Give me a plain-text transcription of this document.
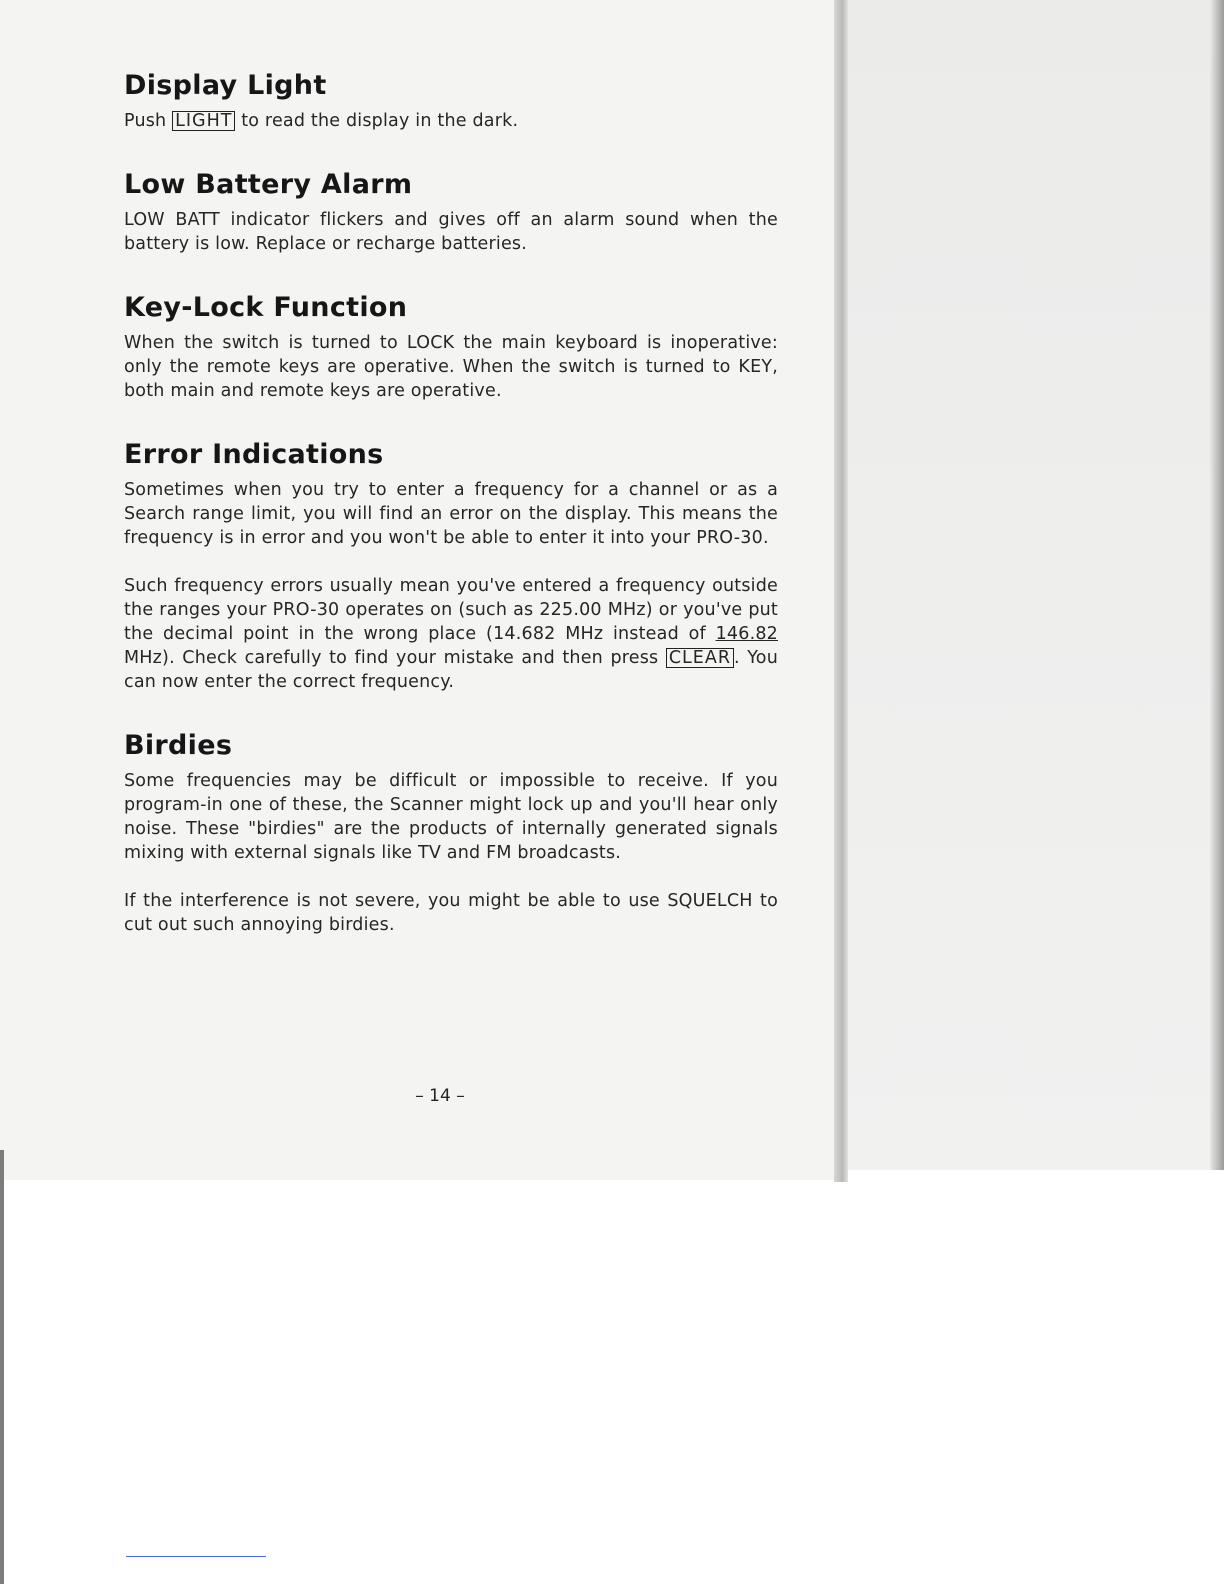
Display Light

Push LIGHT to read the display in the dark.

Low Battery Alarm

LOW BATT indicator flickers and gives off an alarm sound when the battery is low. Replace or recharge batteries.

Key-Lock Function

When the switch is turned to LOCK the main keyboard is inoperative: only the remote keys are operative. When the switch is turned to KEY, both main and remote keys are operative.

Error Indications

Sometimes when you try to enter a frequency for a channel or as a Search range limit, you will find an error on the display. This means the frequency is in error and you won't be able to enter it into your PRO-30.

Such frequency errors usually mean you've entered a frequency outside the ranges your PRO-30 operates on (such as 225.00 MHz) or you've put the decimal point in the wrong place (14.682 MHz instead of 146.82 MHz). Check carefully to find your mistake and then press CLEAR . You can now enter the correct frequency.

Birdies

Some frequencies may be difficult or impossible to receive. If you program-in one of these, the Scanner might lock up and you'll hear only noise. These "birdies" are the products of internally generated signals mixing with external signals like TV and FM broadcasts.

If the interference is not severe, you might be able to use SQUELCH to cut out such annoying birdies.

– 14 –
